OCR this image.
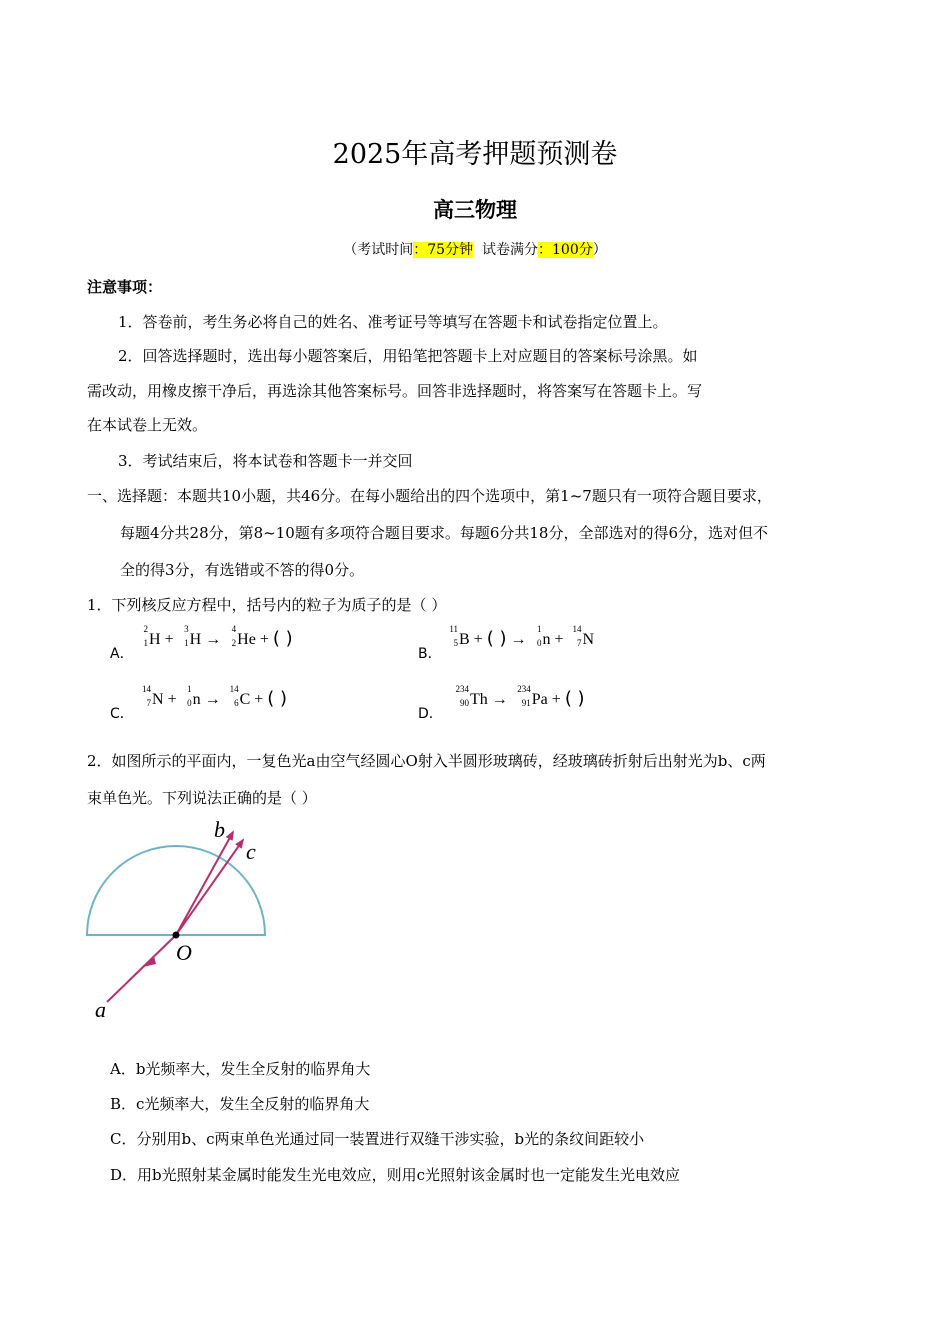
2025年高考押题预测卷
高三物理
（考试时间：75分钟  试卷满分：100分）
注意事项：
1．答卷前，考生务必将自己的姓名、准考证号等填写在答题卡和试卷指定位置上。
2．回答选择题时，选出每小题答案后，用铅笔把答题卡上对应题目的答案标号涂黑。如
需改动，用橡皮擦干净后，再选涂其他答案标号。回答非选择题时，将答案写在答题卡上。写
在本试卷上无效。
3．考试结束后，将本试卷和答题卡一并交回
一、选择题：本题共10小题，共46分。在每小题给出的四个选项中，第1~7题只有一项符合题目要求，
每题4分共28分，第8~10题有多项符合题目要求。每题6分共18分，全部选对的得6分，选对但不
全的得3分，有选错或不答的得0分。
1．下列核反应方程中，括号内的粒子为质子的是（ ）
A．
2
1 H +
3
1 H →
4
2 He + ( )
B．
11
5 B + ( ) →
1
0 n +
14
7 N
C．
14
7 N +
1
0 n →
14
6 C + ( )
D．
234
90 Th →
234
91 Pa + ( )
2．如图所示的平面内，一复色光a由空气经圆心O射入半圆形玻璃砖，经玻璃砖折射后出射光为b、c两
束单色光。下列说法正确的是（ ）
b
c
O
a
A．b光频率大，发生全反射的临界角大
B．c光频率大，发生全反射的临界角大
C．分别用b、c两束单色光通过同一装置进行双缝干涉实验，b光的条纹间距较小
D．用b光照射某金属时能发生光电效应，则用c光照射该金属时也一定能发生光电效应
